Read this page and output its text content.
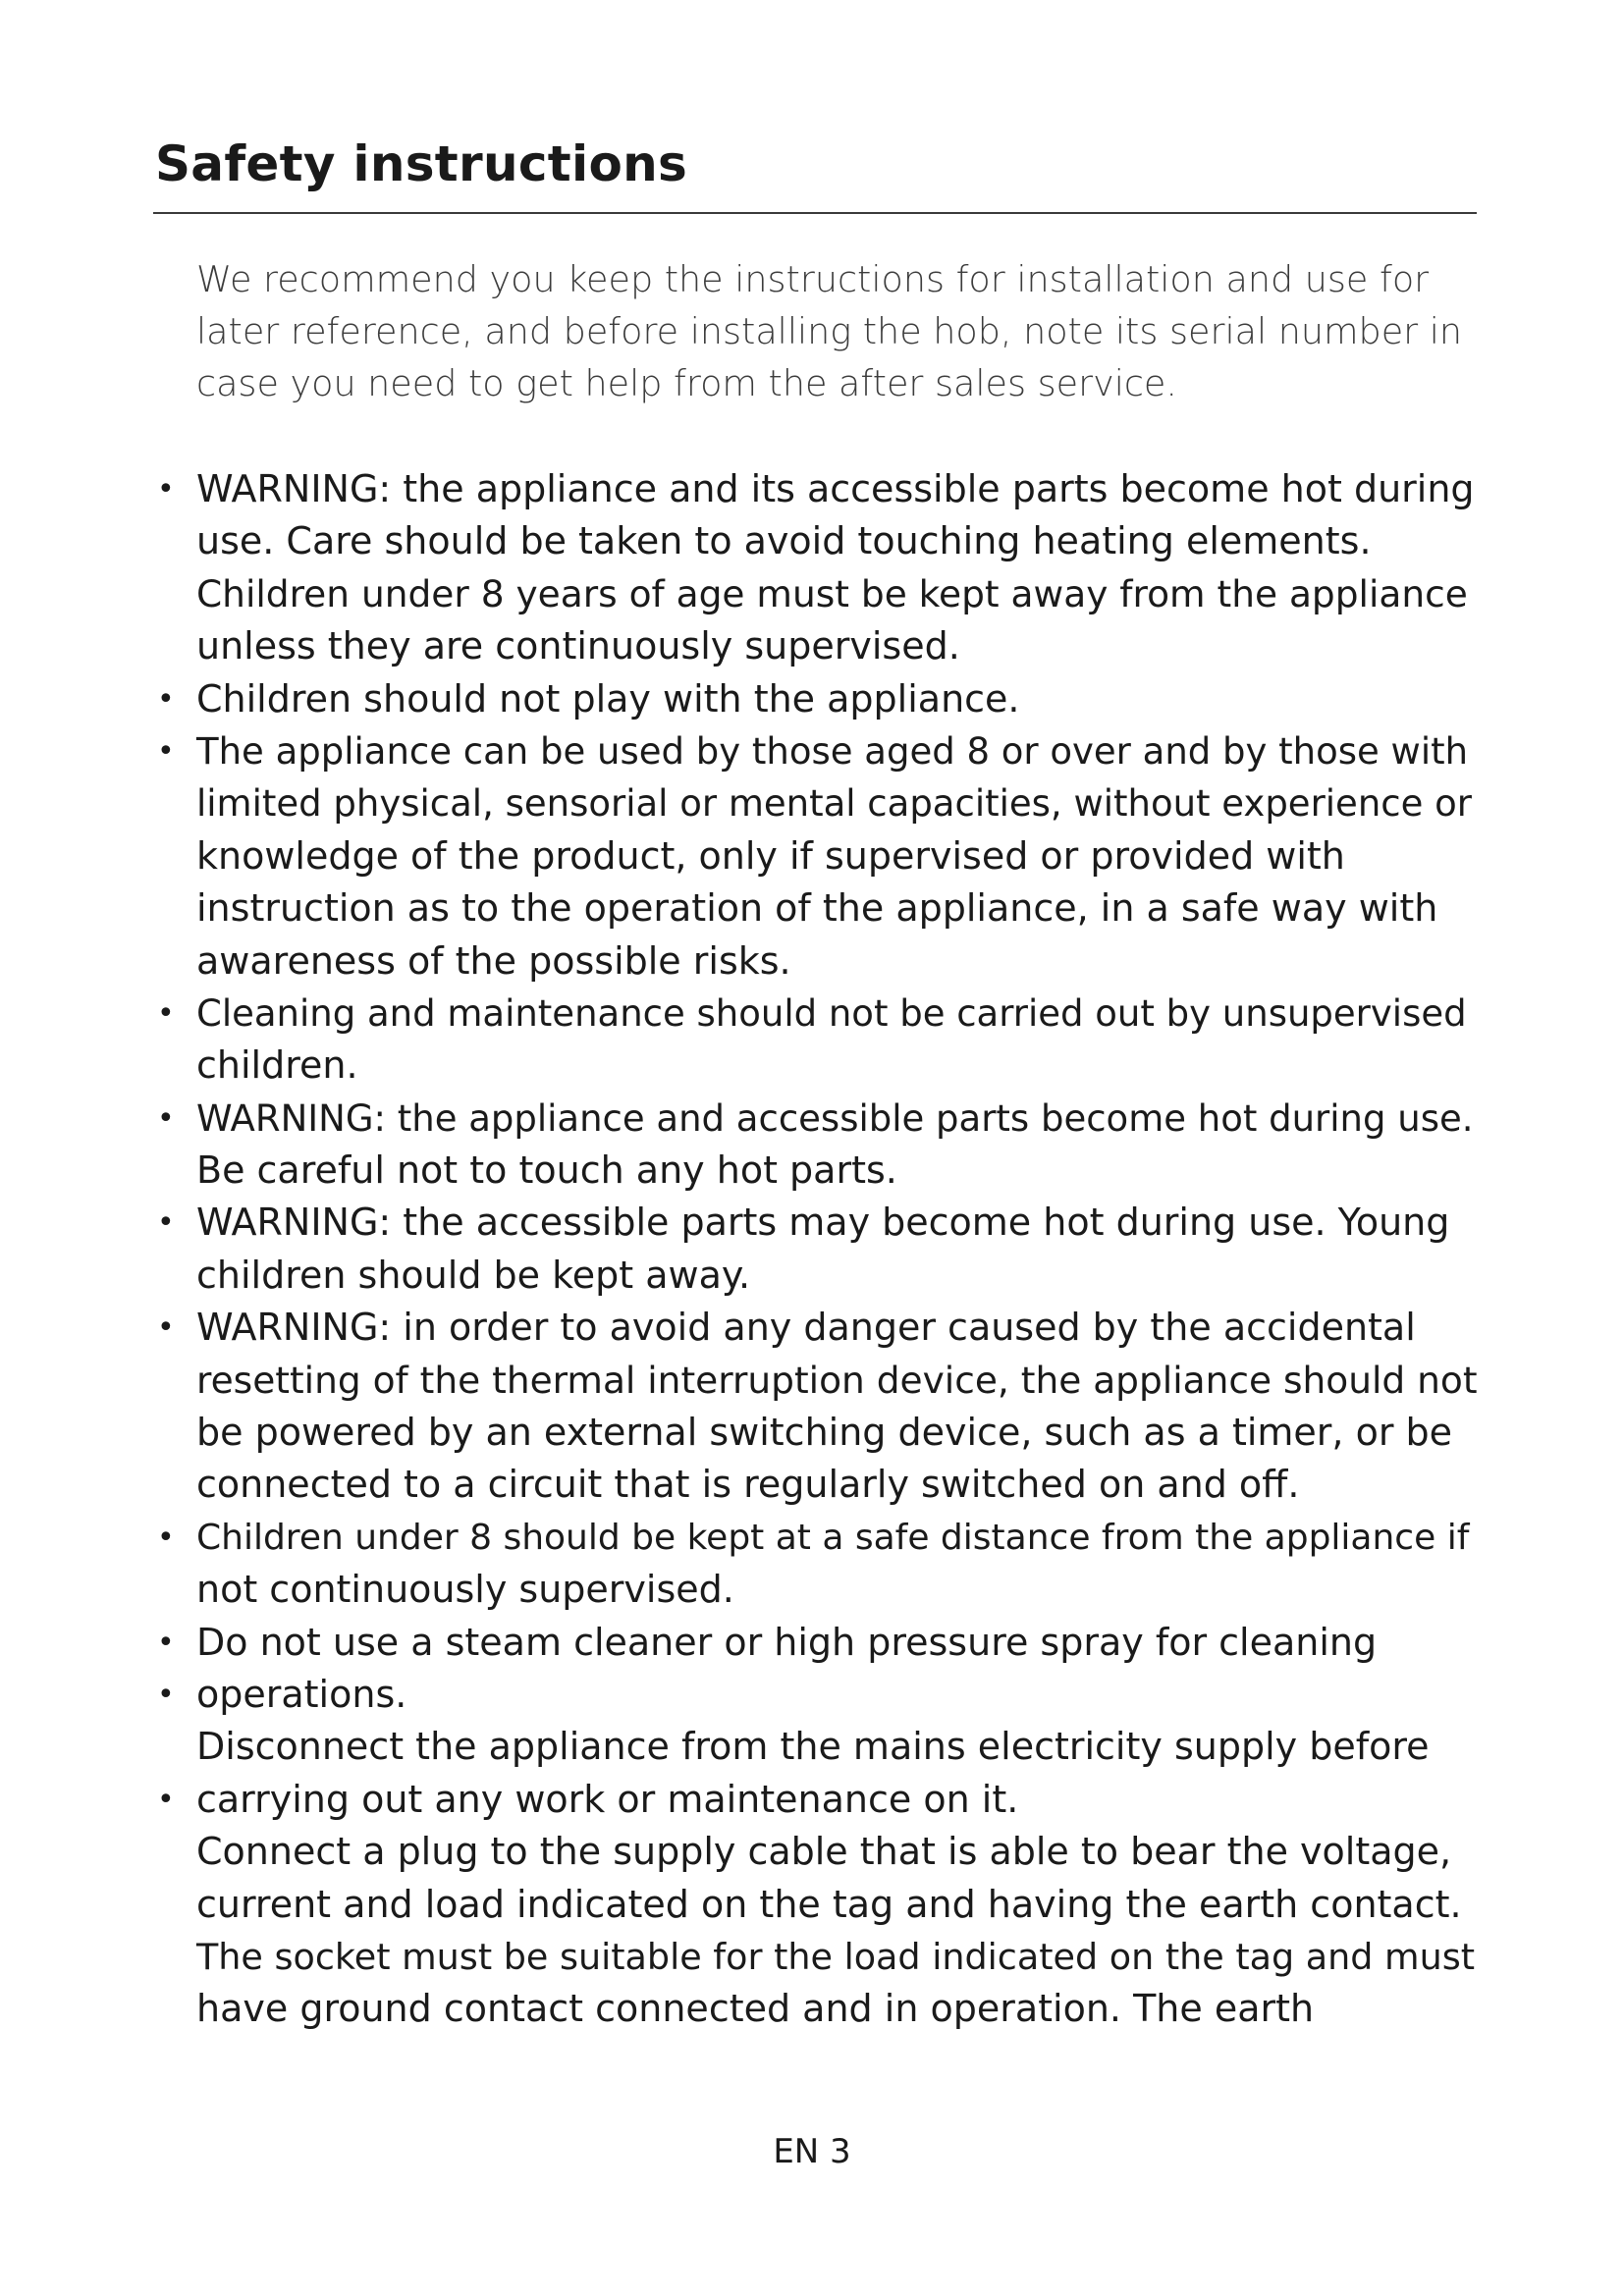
Safety instructions
We recommend you keep the instructions for installation and use for
later reference, and before installing the hob, note its serial number in
case you need to get help from the after sales service.
• WARNING: the appliance and its accessible parts become hot during
use. Care should be taken to avoid touching heating elements.
Children under 8 years of age must be kept away from the appliance
unless they are continuously supervised.
• Children should not play with the appliance.
• The appliance can be used by those aged 8 or over and by those with
limited physical, sensorial or mental capacities, without experience or
knowledge of the product, only if supervised or provided with
instruction as to the operation of the appliance, in a safe way with
awareness of the possible risks.
• Cleaning and maintenance should not be carried out by unsupervised
children.
• WARNING: the appliance and accessible parts become hot during use.
Be careful not to touch any hot parts.
• WARNING: the accessible parts may become hot during use. Young
children should be kept away.
• WARNING: in order to avoid any danger caused by the accidental
resetting of the thermal interruption device, the appliance should not
be powered by an external switching device, such as a timer, or be
connected to a circuit that is regularly switched on and off.
• Children under 8 should be kept at a safe distance from the appliance if
not continuously supervised.
• Do not use a steam cleaner or high pressure spray for cleaning
• operations.
Disconnect the appliance from the mains electricity supply before
• carrying out any work or maintenance on it.
Connect a plug to the supply cable that is able to bear the voltage,
current and load indicated on the tag and having the earth contact.
The socket must be suitable for the load indicated on the tag and must
have ground contact connected and in operation. The earth
EN 3
